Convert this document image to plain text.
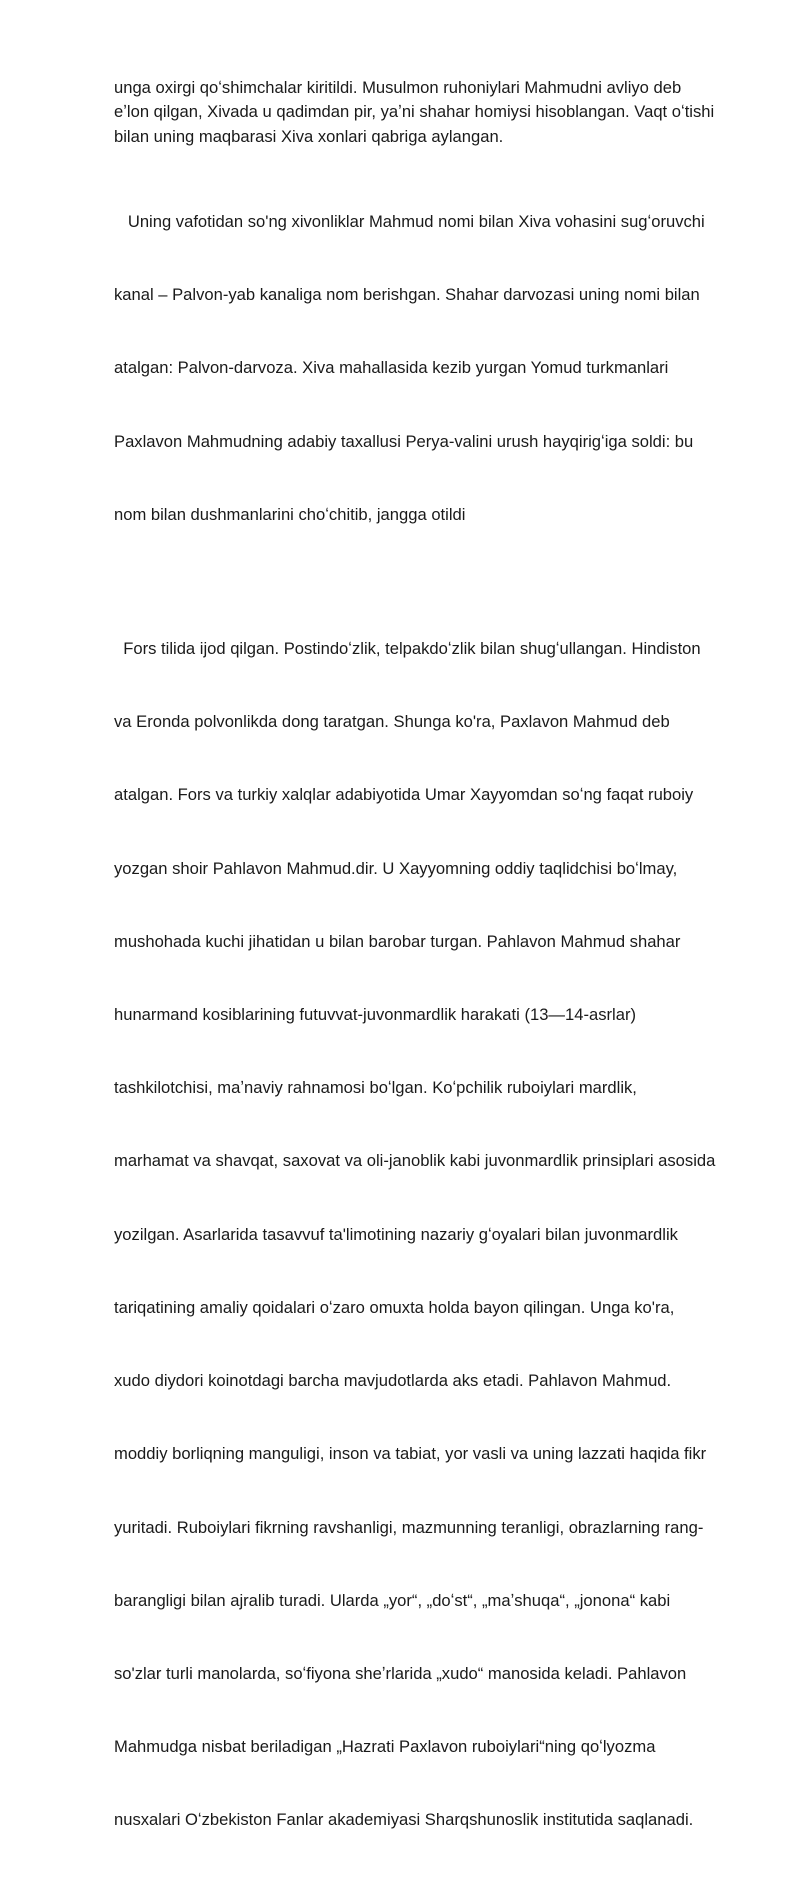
unga oxirgi qoʻshimchalar kiritildi. Musulmon ruhoniylari Mahmudni avliyo deb
eʼlon qilgan, Xivada u qadimdan pir, yaʼni shahar homiysi hisoblangan. Vaqt oʻtishi
bilan uning maqbarasi Xiva xonlari qabriga aylangan.

Uning vafotidan so'ng xivonliklar Mahmud nomi bilan Xiva vohasini sugʻoruvchi

kanal – Palvon-yab kanaliga nom berishgan. Shahar darvozasi uning nomi bilan

atalgan: Palvon-darvoza. Xiva mahallasida kezib yurgan Yomud turkmanlari

Paxlavon Mahmudning adabiy taxallusi Perya-valini urush hayqirigʻiga soldi: bu

nom bilan dushmanlarini choʻchitib, jangga otildi

Fors tilida ijod qilgan. Postindoʻzlik, telpakdoʻzlik bilan shugʻullangan. Hindiston

va Eronda polvonlikda dong taratgan. Shunga ko'ra, Paxlavon Mahmud deb

atalgan. Fors va turkiy xalqlar adabiyotida Umar Xayyomdan soʻng faqat ruboiy

yozgan shoir Pahlavon Mahmud.dir. U Xayyomning oddiy taqlidchisi boʻlmay,

mushohada kuchi jihatidan u bilan barobar turgan. Pahlavon Mahmud shahar

hunarmand kosiblarining futuvvat-juvonmardlik harakati (13—14-asrlar)

tashkilotchisi, maʼnaviy rahnamosi boʻlgan. Koʻpchilik ruboiylari mardlik,

marhamat va shavqat, saxovat va oli-janoblik kabi juvonmardlik prinsiplari asosida

yozilgan. Asarlarida tasavvuf ta'limotining nazariy gʻoyalari bilan juvonmardlik

tariqatining amaliy qoidalari oʻzaro omuxta holda bayon qilingan. Unga ko'ra,

xudo diydori koinotdagi barcha mavjudotlarda aks etadi. Pahlavon Mahmud.

moddiy borliqning manguligi, inson va tabiat, yor vasli va uning lazzati haqida fikr

yuritadi. Ruboiylari fikrning ravshanligi, mazmunning teranligi, obrazlarning rang-

barangligi bilan ajralib turadi. Ularda „yor“, „doʻst“, „maʼshuqa“, „jonona“ kabi

so'zlar turli manolarda, soʻfiyona sheʼrlarida „xudo“ manosida keladi. Pahlavon

Mahmudga nisbat beriladigan „Hazrati Paxlavon ruboiylari“ning qoʻlyozma

nusxalari Oʻzbekiston Fanlar akademiyasi Sharqshunoslik institutida saqlanadi.
